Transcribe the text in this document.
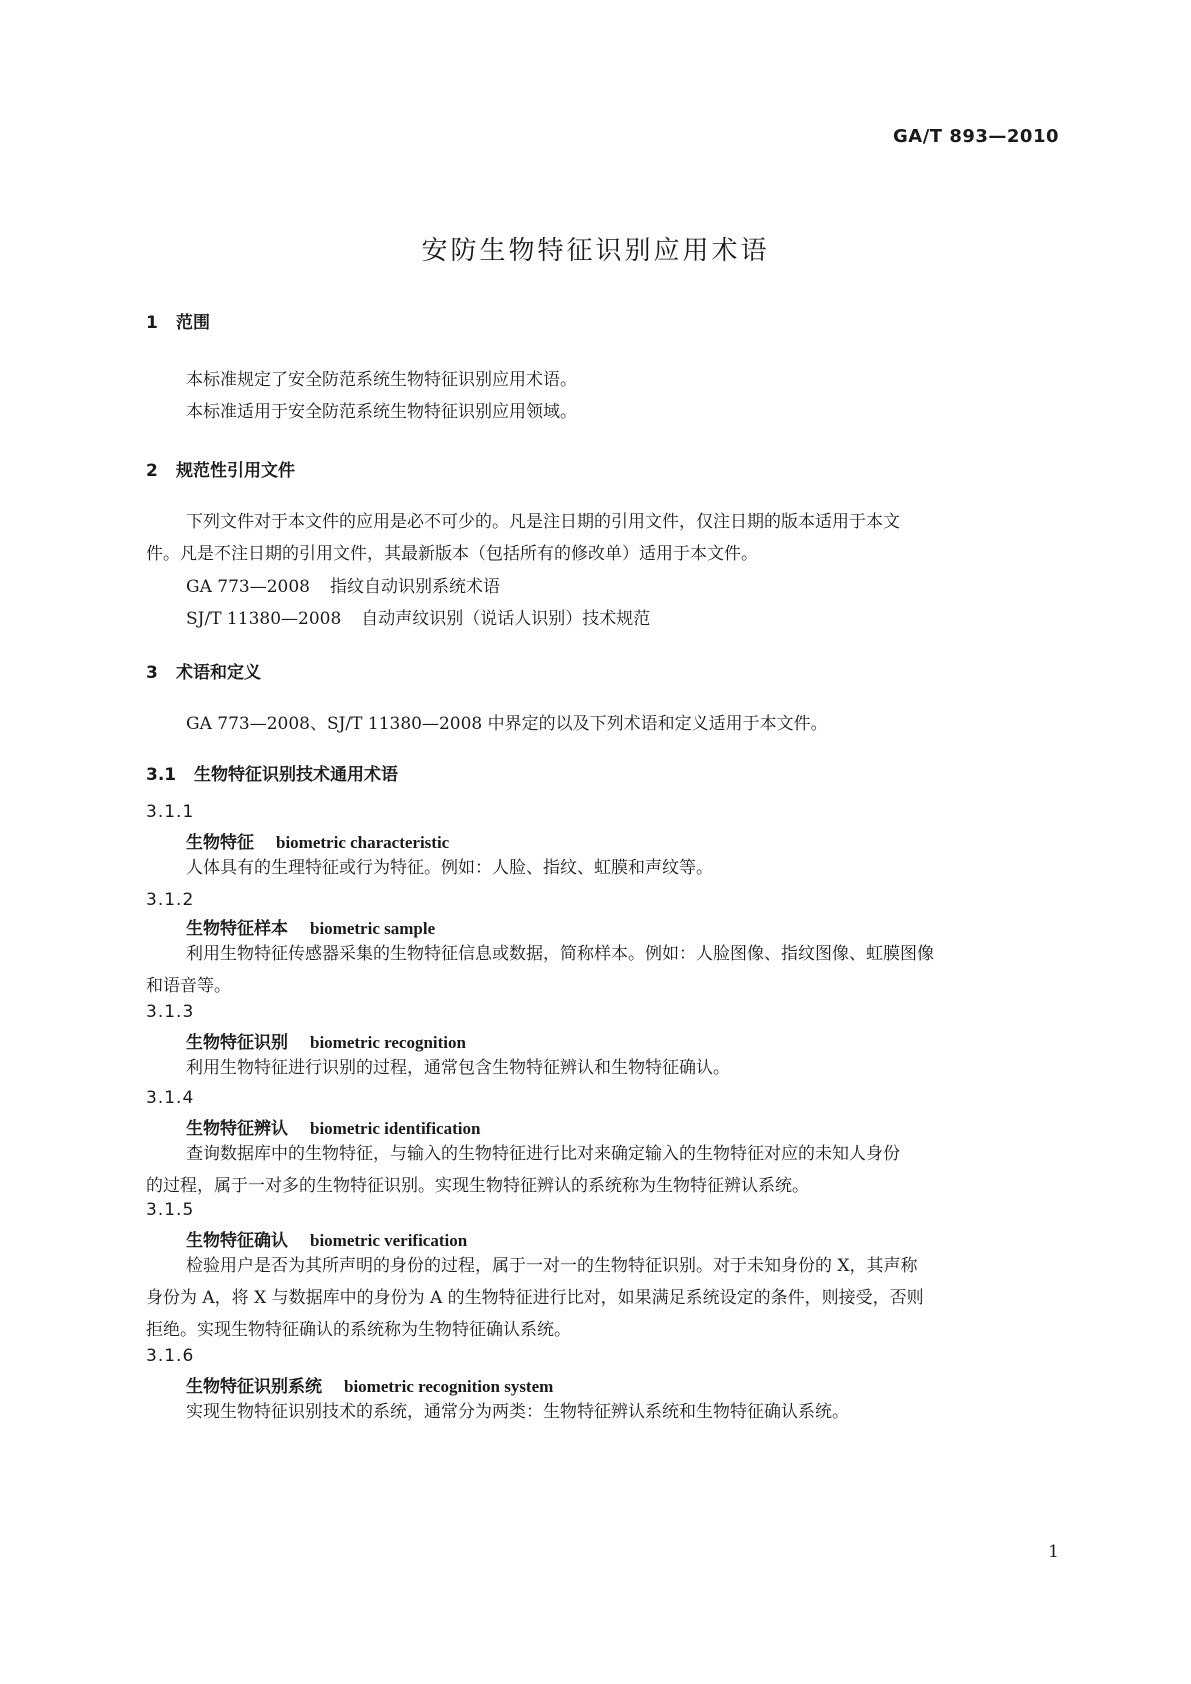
GA/T 893—2010
安防生物特征识别应用术语
1 范围
本标准规定了安全防范系统生物特征识别应用术语。
本标准适用于安全防范系统生物特征识别应用领域。
2 规范性引用文件
下列文件对于本文件的应用是必不可少的。凡是注日期的引用文件，仅注日期的版本适用于本文
件。凡是不注日期的引用文件，其最新版本（包括所有的修改单）适用于本文件。
GA 773—2008 指纹自动识别系统术语
SJ/T 11380—2008 自动声纹识别（说话人识别）技术规范
3 术语和定义
GA 773—2008、SJ/T 11380—2008 中界定的以及下列术语和定义适用于本文件。
3.1 生物特征识别技术通用术语
3.1.1
生物特征 biometric characteristic
人体具有的生理特征或行为特征。例如：人脸、指纹、虹膜和声纹等。
3.1.2
生物特征样本 biometric sample
利用生物特征传感器采集的生物特征信息或数据，简称样本。例如：人脸图像、指纹图像、虹膜图像
和语音等。
3.1.3
生物特征识别 biometric recognition
利用生物特征进行识别的过程，通常包含生物特征辨认和生物特征确认。
3.1.4
生物特征辨认 biometric identification
查询数据库中的生物特征，与输入的生物特征进行比对来确定输入的生物特征对应的未知人身份
的过程，属于一对多的生物特征识别。实现生物特征辨认的系统称为生物特征辨认系统。
3.1.5
生物特征确认 biometric verification
检验用户是否为其所声明的身份的过程，属于一对一的生物特征识别。对于未知身份的 X，其声称
身份为 A，将 X 与数据库中的身份为 A 的生物特征进行比对，如果满足系统设定的条件，则接受，否则
拒绝。实现生物特征确认的系统称为生物特征确认系统。
3.1.6
生物特征识别系统 biometric recognition system
实现生物特征识别技术的系统，通常分为两类：生物特征辨认系统和生物特征确认系统。
1
